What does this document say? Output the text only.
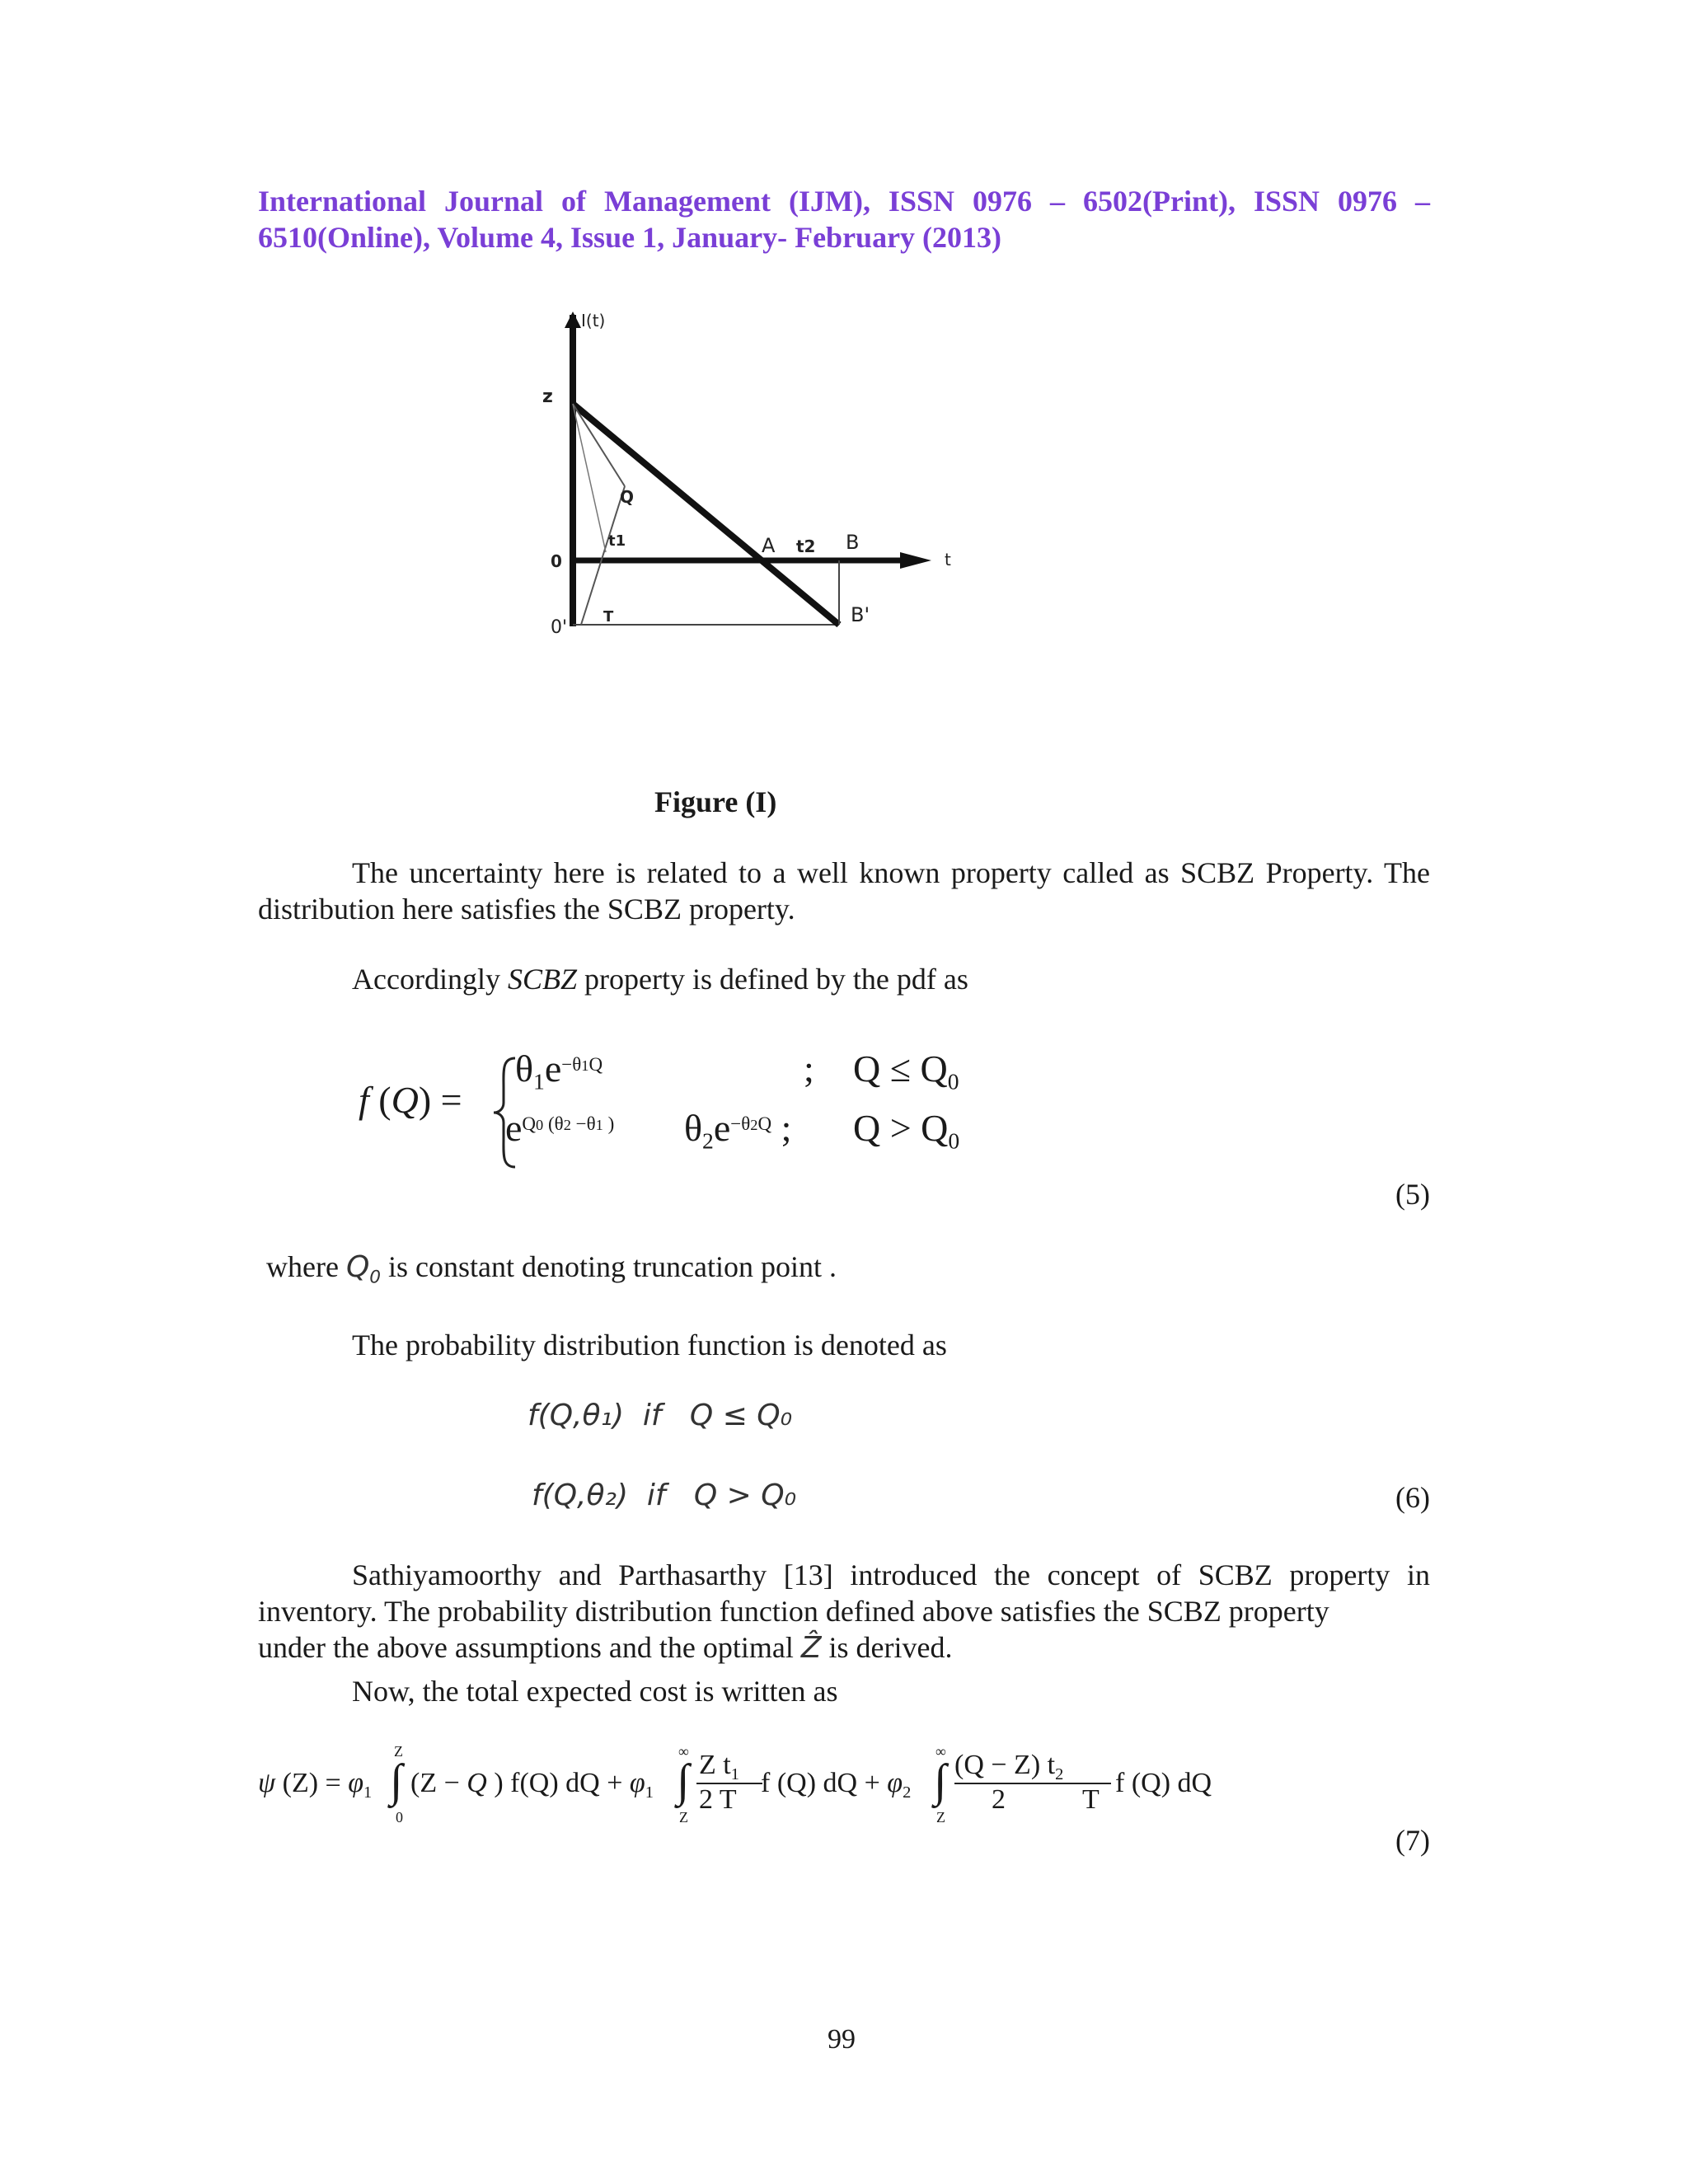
International Journal of Management (IJM), ISSN 0976 – 6502(Print), ISSN 0976 – 6510(Online), Volume 4, Issue 1, January- February (2013)
I(t)
z
Q
t1
0
0'
T
A t2 B
B'
t
Figure (I)
The uncertainty here is related to a well known property called as SCBZ Property. The distribution here satisfies the SCBZ property.
Accordingly SCBZ property is defined by the pdf as
f (Q) =
$\theta_1e^{-\theta 1Q}$	; $Q \le Q_0$
$e^{Q0 (\theta 2 -\theta 1 )}$ $\theta_2e^{-\theta 2Q}$ ; $Q > Q_0$
(5)
where $Q_0$ is constant denoting truncation point .
The probability distribution function is denoted as
f(Q,θ₁)  if   Q ≤ Q₀
f(Q,θ₂)  if   Q > Q₀	(6)
Sathiyamoorthy and Parthasarthy [13] introduced the concept of SCBZ property in inventory. The probability distribution function defined above satisfies the SCBZ property
under the above assumptions and the optimal Ẑ is derived.
Now, the total expected cost is written as
ψ $(Z) = \varphi_1$
Z
∫
0
(Z − Q ) f(Q) dQ + $\varphi_1$
∞
∫
Z
Z $t_1$
2 T
f (Q) dQ + $\varphi_2$
∞
∫
Z
(Q − Z) $t_2$
2	T
f (Q) dQ
(7)
99
